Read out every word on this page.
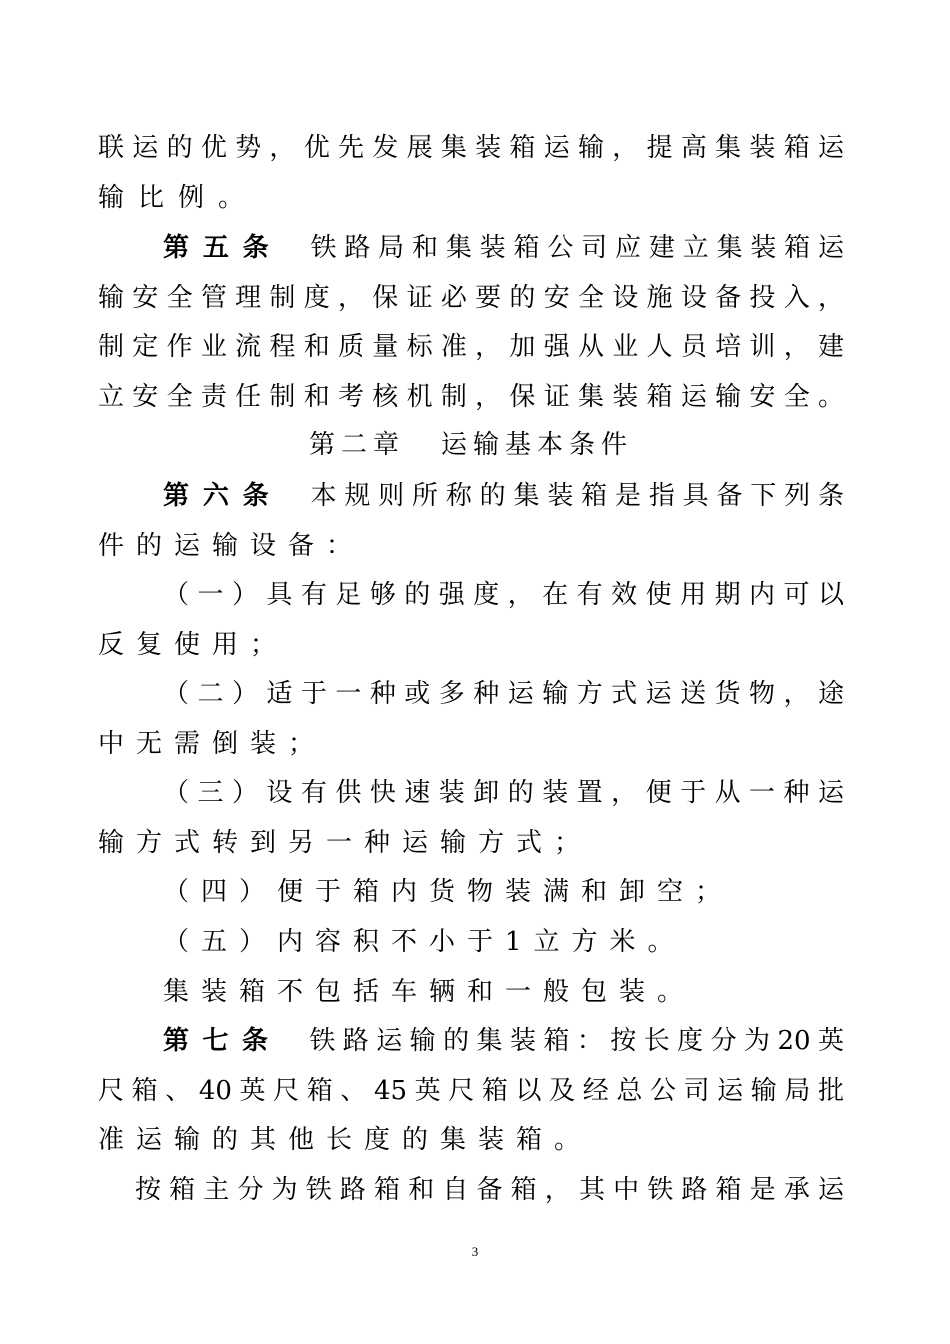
联运的优势，优先发展集装箱运输，提高集装箱运
输比例。
第五条 铁路局和集装箱公司应建立集装箱运
输安全管理制度，保证必要的安全设施设备投入，
制定作业流程和质量标准，加强从业人员培训，建
立安全责任制和考核机制，保证集装箱运输安全。
第二章 运输基本条件
第六条 本规则所称的集装箱是指具备下列条
件的运输设备：
（一）具有足够的强度，在有效使用期内可以
反复使用；
（二）适于一种或多种运输方式运送货物，途
中无需倒装；
（三）设有供快速装卸的装置，便于从一种运
输方式转到另一种运输方式；
（四）便于箱内货物装满和卸空；
（五）内容积不小于1立方米。
集装箱不包括车辆和一般包装。
第七条 铁路运输的集装箱：按长度分为20英
尺箱、40英尺箱、45英尺箱以及经总公司运输局批
准运输的其他长度的集装箱。
按箱主分为铁路箱和自备箱，其中铁路箱是承运
3
